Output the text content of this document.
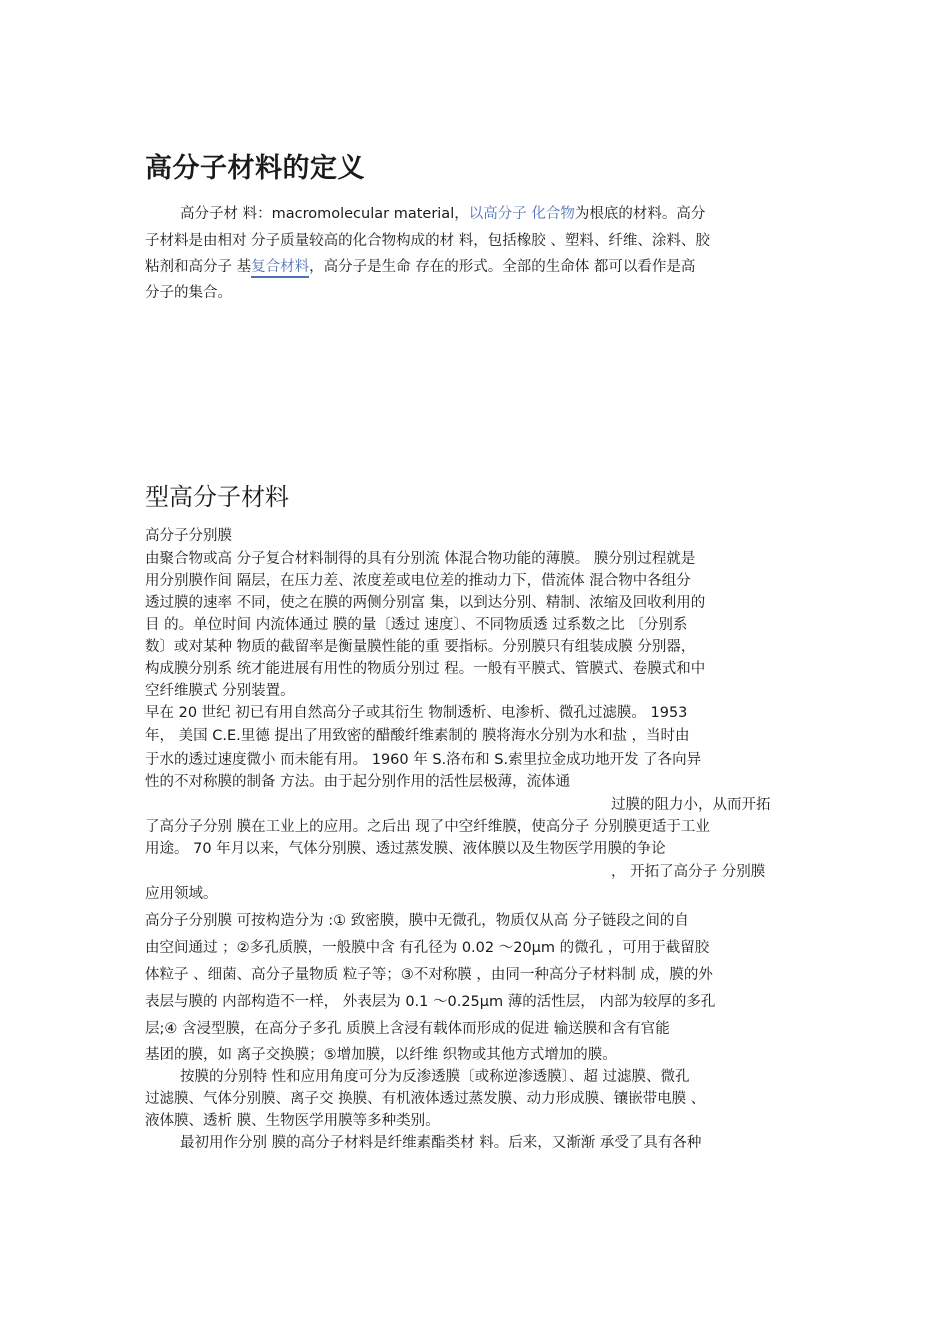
高分子材料的定义
高分子材 料：macromolecular material，以高分子 化合物为根底的材料。高分
子材料是由相对 分子质量较高的化合物构成的材 料，包括橡胶 、塑料、纤维、涂料、胶
粘剂和高分子 基复合材料，高分子是生命 存在的形式。全部的生命体 都可以看作是高
分子的集合。
型高分子材料
高分子分别膜
由聚合物或高 分子复合材料制得的具有分别流 体混合物功能的薄膜。 膜分别过程就是
用分别膜作间 隔层，在压力差、浓度差或电位差的推动力下，借流体 混合物中各组分
透过膜的速率 不同，使之在膜的两侧分别富 集，以到达分别、精制、浓缩及回收利用的
目 的。单位时间 内流体通过 膜的量〔透过 速度〕、不同物质透 过系数之比 〔分别系
数〕或对某种 物质的截留率是衡量膜性能的重 要指标。分别膜只有组装成膜 分别器，
构成膜分别系 统才能进展有用性的物质分别过 程。一般有平膜式、管膜式、卷膜式和中
空纤维膜式 分别装置。
早在 20 世纪 初已有用自然高分子或其衍生 物制透析、电渗析、微孔过滤膜。 1953
年， 美国 C.E.里德 提出了用致密的醋酸纤维素制的 膜将海水分别为水和盐 ，当时由
于水的透过速度微小 而未能有用。 1960 年 S.洛布和 S.索里拉金成功地开发 了各向异
性的不对称膜的制备 方法。由于起分别作用的活性层极薄，流体通
过膜的阻力小，从而开拓
了高分子分别 膜在工业上的应用。之后出 现了中空纤维膜，使高分子 分别膜更适于工业
用途。 70 年月以来，气体分别膜、透过蒸发膜、液体膜以及生物医学用膜的争论
， 开拓了高分子 分别膜
应用领域。
高分子分别膜 可按构造分为 :① 致密膜，膜中无微孔，物质仅从高 分子链段之间的自
由空间通过 ；②多孔质膜，一般膜中含 有孔径为 0.02 ～20μm 的微孔 ，可用于截留胶
体粒子 、细菌、高分子量物质 粒子等；③不对称膜 ，由同一种高分子材料制 成，膜的外
表层与膜的 内部构造不一样， 外表层为 0.1 ～0.25μm 薄的活性层， 内部为较厚的多孔
层;④ 含浸型膜，在高分子多孔 质膜上含浸有载体而形成的促进 输送膜和含有官能
基团的膜，如 离子交换膜；⑤增加膜，以纤维 织物或其他方式增加的膜。
按膜的分别特 性和应用角度可分为反渗透膜〔或称逆渗透膜〕、超 过滤膜、微孔
过滤膜、气体分别膜、离子交 换膜、有机液体透过蒸发膜、动力形成膜、镶嵌带电膜 、
液体膜、透析 膜、生物医学用膜等多种类别。
最初用作分别 膜的高分子材料是纤维素酯类材 料。后来，又渐渐 承受了具有各种
